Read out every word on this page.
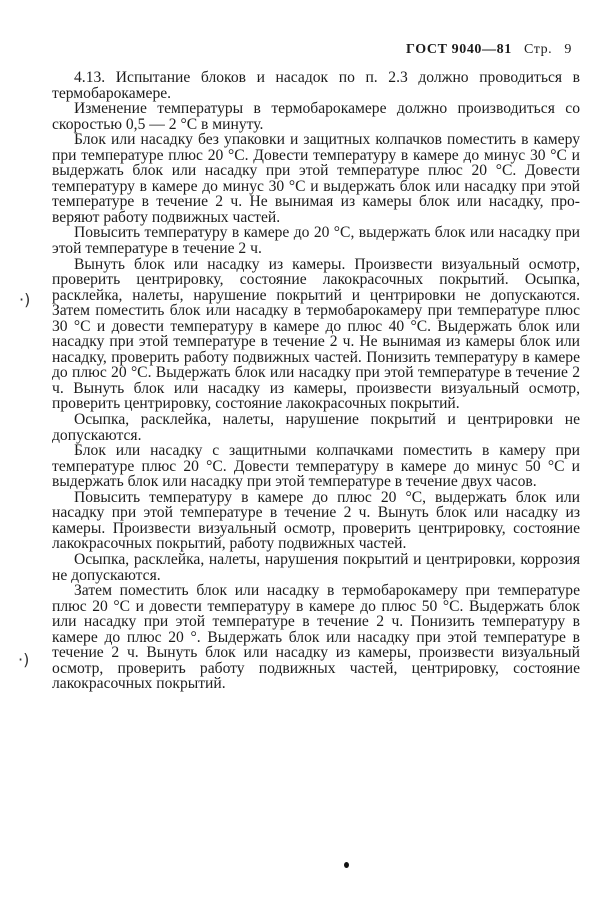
ГОСТ 9040—81 Стр. 9
·)
·)

4.13. Испытание блоков и насадок по п. 2.3 должно проводиться в термобарокамере.

Изменение температуры в термобарокамере должно производиться со скоростью 0,5 — 2 °С в минуту.

Блок или насадку без упаковки и защитных колпачков поместить в камеру при температуре плюс 20 °С. Довести температуру в камере до минус 30 °С и выдержать блок или насадку при этой температуре плюс 20 °С. Довести температуру в камере до минус 30 °С и выдержать блок или насадку при этой температуре в течение 2 ч. Не вынимая из камеры блок или насадку, проверяют работу подвижных частей.

Повысить температуру в камере до 20 °С, выдержать блок или насадку при этой температуре в течение 2 ч.

Вынуть блок или насадку из камеры. Произвести визуальный осмотр, проверить центрировку, состояние лакокрасочных покрытий. Осыпка, расклейка, налеты, нарушение покрытий и центрировки не допускаются. Затем поместить блок или насадку в термобарокамеру при температуре плюс 30 °С и довести температуру в камере до плюс 40 °С. Выдержать блок или насадку при этой температуре в течение 2 ч. Не вынимая из камеры блок или насадку, проверить работу подвижных частей. Понизить температуру в камере до плюс 20 °С. Выдержать блок или насадку при этой температуре в течение 2 ч. Вынуть блок или насадку из камеры, произвести визуальный осмотр, проверить центрировку, состояние лакокрасочных покрытий.

Осыпка, расклейка, налеты, нарушение покрытий и центрировки не допускаются.

Блок или насадку с защитными колпачками поместить в камеру при температуре плюс 20 °С. Довести температуру в камере до минус 50 °С и выдержать блок или насадку при этой температуре в течение двух часов.

Повысить температуру в камере до плюс 20 °С, выдержать блок или насадку при этой температуре в течение 2 ч. Вынуть блок или насадку из камеры. Произвести визуальный осмотр, проверить центрировку, состояние лакокрасочных покрытий, работу подвижных частей.

Осыпка, расклейка, налеты, нарушения покрытий и центрировки, коррозия не допускаются.

Затем поместить блок или насадку в термобарокамеру при температуре плюс 20 °С и довести температуру в камере до плюс 50 °С. Выдержать блок или насадку при этой температуре в течение 2 ч. Понизить температуру в камере до плюс 20 °. Выдержать блок или насадку при этой температуре в течение 2 ч. Вынуть блок или насадку из камеры, произвести визуальный осмотр, проверить работу подвижных частей, центрировку, состояние лакокрасочных покрытий.
